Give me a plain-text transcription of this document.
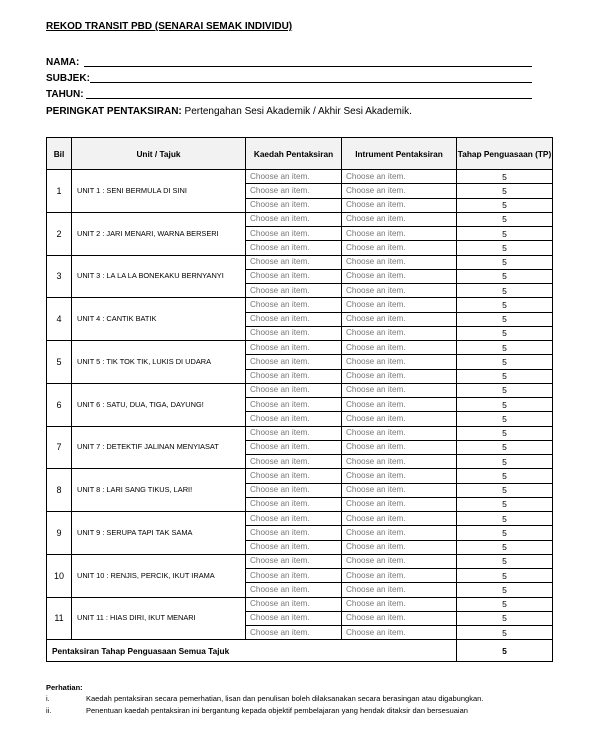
REKOD TRANSIT PBD (SENARAI SEMAK INDIVIDU)
NAMA:
SUBJEK:
TAHUN:
PERINGKAT PENTAKSIRAN: Pertengahan Sesi Akademik / Akhir Sesi Akademik.
Bil	Unit / Tajuk	Kaedah Pentaksiran	Intrument Pentaksiran	Tahap Penguasaan (TP)
1	UNIT 1 : SENI BERMULA DI SINI	Choose an item.	Choose an item.	5
		Choose an item.	Choose an item.	5
		Choose an item.	Choose an item.	5
2	UNIT 2 : JARI MENARI, WARNA BERSERI	Choose an item.	Choose an item.	5
		Choose an item.	Choose an item.	5
		Choose an item.	Choose an item.	5
3	UNIT 3 : LA LA LA BONEKAKU BERNYANYI	Choose an item.	Choose an item.	5
		Choose an item.	Choose an item.	5
		Choose an item.	Choose an item.	5
4	UNIT 4 : CANTIK BATIK	Choose an item.	Choose an item.	5
		Choose an item.	Choose an item.	5
		Choose an item.	Choose an item.	5
5	UNIT 5 : TIK TOK TIK, LUKIS DI UDARA	Choose an item.	Choose an item.	5
		Choose an item.	Choose an item.	5
		Choose an item.	Choose an item.	5
6	UNIT 6 : SATU, DUA, TIGA, DAYUNG!	Choose an item.	Choose an item.	5
		Choose an item.	Choose an item.	5
		Choose an item.	Choose an item.	5
7	UNIT 7 : DETEKTIF JALINAN MENYIASAT	Choose an item.	Choose an item.	5
		Choose an item.	Choose an item.	5
		Choose an item.	Choose an item.	5
8	UNIT 8 : LARI SANG TIKUS, LARI!	Choose an item.	Choose an item.	5
		Choose an item.	Choose an item.	5
		Choose an item.	Choose an item.	5
9	UNIT 9 : SERUPA TAPI TAK SAMA	Choose an item.	Choose an item.	5
		Choose an item.	Choose an item.	5
		Choose an item.	Choose an item.	5
10	UNIT 10 : RENJIS, PERCIK, IKUT IRAMA	Choose an item.	Choose an item.	5
		Choose an item.	Choose an item.	5
		Choose an item.	Choose an item.	5
11	UNIT 11 : HIAS DIRI, IKUT MENARI	Choose an item.	Choose an item.	5
		Choose an item.	Choose an item.	5
		Choose an item.	Choose an item.	5
Pentaksiran Tahap Penguasaan Semua Tajuk				5
Perhatian:
i.	Kaedah pentaksiran secara pemerhatian, lisan dan penulisan boleh dilaksanakan secara berasingan atau digabungkan.
ii.	Penentuan kaedah pentaksiran ini bergantung kepada objektif pembelajaran yang hendak ditaksir dan bersesuaian
